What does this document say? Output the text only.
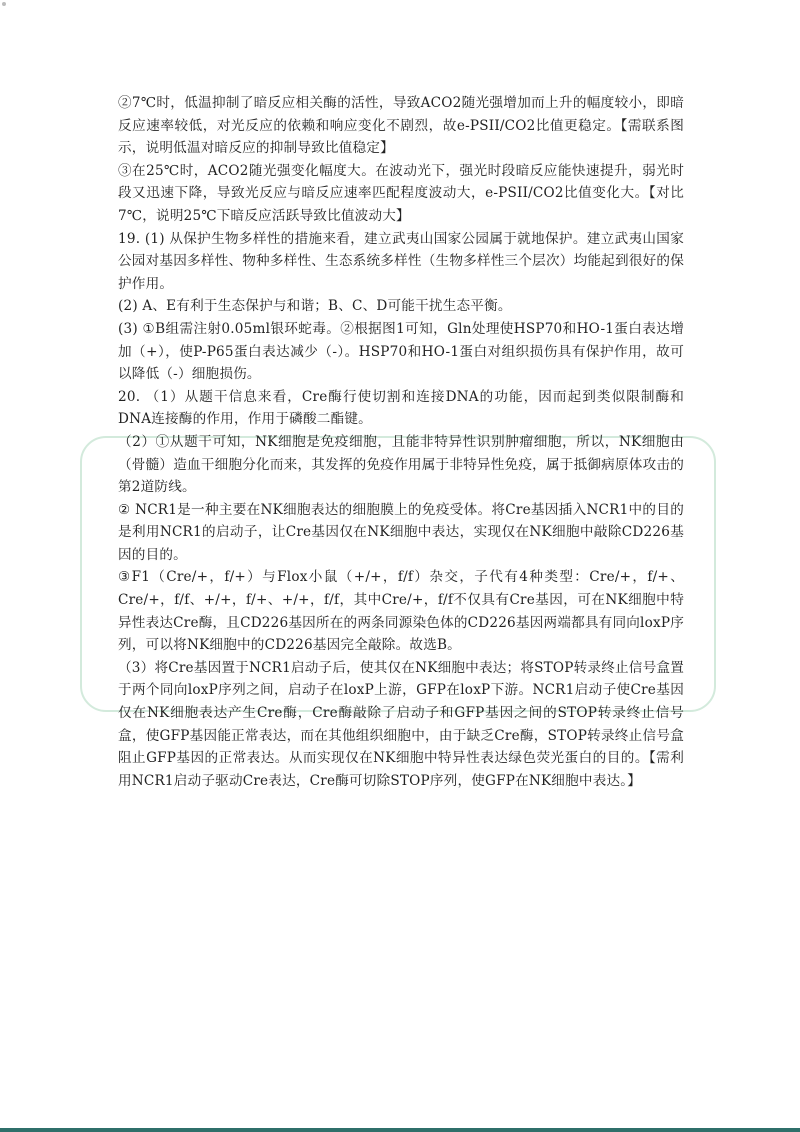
②7℃时，低温抑制了暗反应相关酶的活性，导致ACO2随光强增加而上升的幅度较小，即暗反应速率较低，对光反应的依赖和响应变化不剧烈，故e-PSII/CO2比值更稳定。【需联系图示，说明低温对暗反应的抑制导致比值稳定】

③在25℃时，ACO2随光强变化幅度大。在波动光下，强光时段暗反应能快速提升，弱光时段又迅速下降，导致光反应与暗反应速率匹配程度波动大，e-PSII/CO2比值变化大。【对比7℃，说明25℃下暗反应活跃导致比值波动大】

19. (1) 从保护生物多样性的措施来看，建立武夷山国家公园属于就地保护。建立武夷山国家公园对基因多样性、物种多样性、生态系统多样性（生物多样性三个层次）均能起到很好的保护作用。

(2) A、E有利于生态保护与和谐；B、C、D可能干扰生态平衡。

(3) ①B组需注射0.05ml银环蛇毒。②根据图1可知，Gln处理使HSP70和HO-1蛋白表达增加（+），使P-P65蛋白表达减少（-）。HSP70和HO-1蛋白对组织损伤具有保护作用，故可以降低（-）细胞损伤。

20. （1）从题干信息来看，Cre酶行使切割和连接DNA的功能，因而起到类似限制酶和DNA连接酶的作用，作用于磷酸二酯键。

（2）①从题干可知，NK细胞是免疫细胞，且能非特异性识别肿瘤细胞，所以，NK细胞由（骨髓）造血干细胞分化而来，其发挥的免疫作用属于非特异性免疫，属于抵御病原体攻击的第2道防线。

② NCR1是一种主要在NK细胞表达的细胞膜上的免疫受体。将Cre基因插入NCR1中的目的是利用NCR1的启动子，让Cre基因仅在NK细胞中表达，实现仅在NK细胞中敲除CD226基因的目的。

③F1（Cre/+，f/+）与Flox小鼠（+/+，f/f）杂交，子代有4种类型：Cre/+，f/+、Cre/+，f/f、+/+，f/+、+/+，f/f，其中Cre/+，f/f不仅具有Cre基因，可在NK细胞中特异性表达Cre酶，且CD226基因所在的两条同源染色体的CD226基因两端都具有同向loxP序列，可以将NK细胞中的CD226基因完全敲除。故选B。

（3）将Cre基因置于NCR1启动子后，使其仅在NK细胞中表达；将STOP转录终止信号盒置于两个同向loxP序列之间，启动子在loxP上游，GFP在loxP下游。NCR1启动子使Cre基因仅在NK细胞表达产生Cre酶，Cre酶敲除了启动子和GFP基因之间的STOP转录终止信号盒，使GFP基因能正常表达，而在其他组织细胞中，由于缺乏Cre酶，STOP转录终止信号盒阻止GFP基因的正常表达。从而实现仅在NK细胞中特异性表达绿色荧光蛋白的目的。【需利用NCR1启动子驱动Cre表达，Cre酶可切除STOP序列，使GFP在NK细胞中表达。】
